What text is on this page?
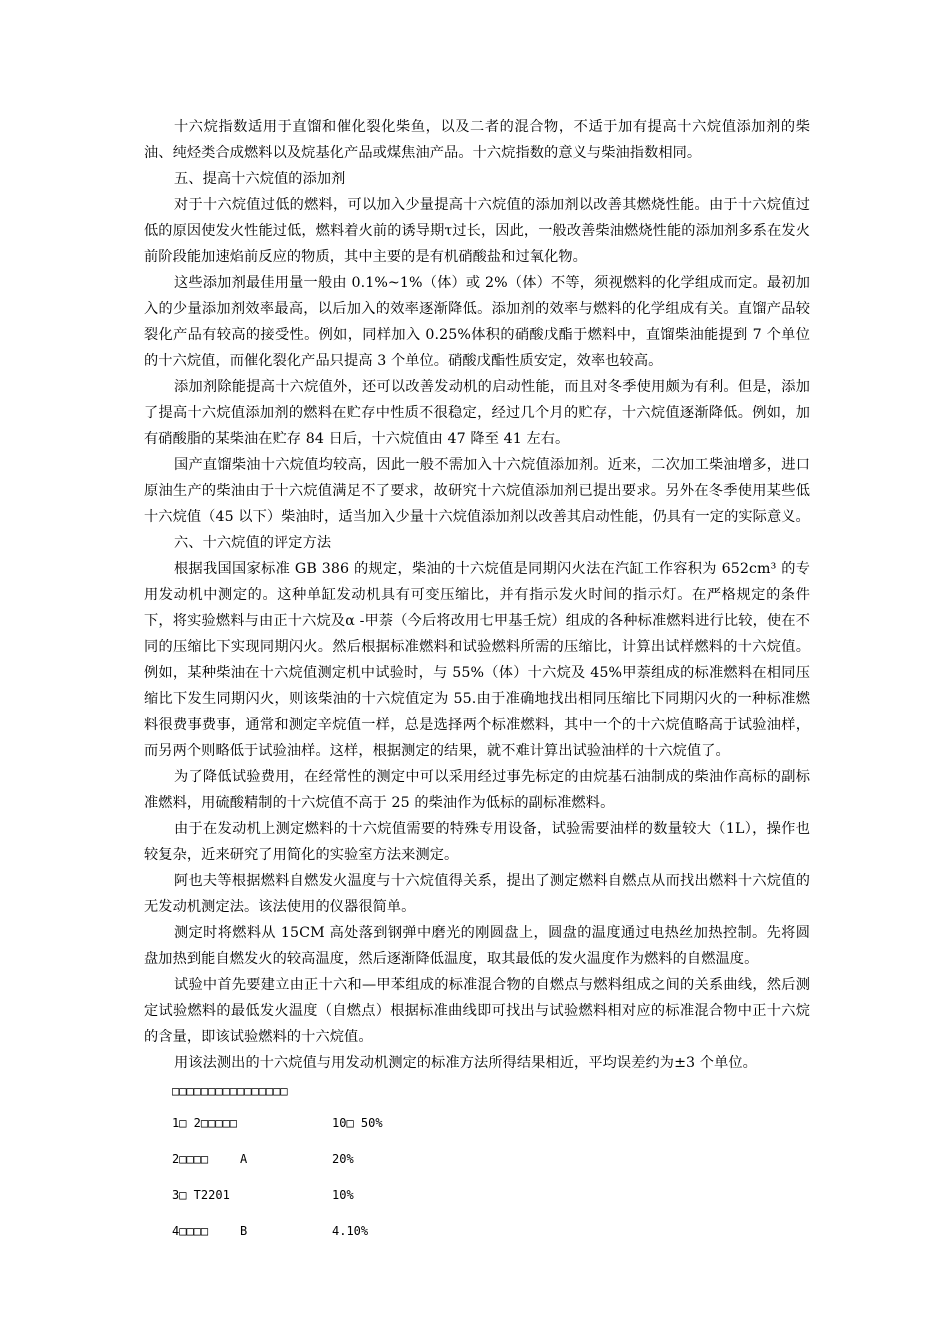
十六烷指数适用于直馏和催化裂化柴鱼，以及二者的混合物，不适于加有提高十六烷值添加剂的柴油、纯烃类合成燃料以及烷基化产品或煤焦油产品。十六烷指数的意义与柴油指数相同。

五、提高十六烷值的添加剂

对于十六烷值过低的燃料，可以加入少量提高十六烷值的添加剂以改善其燃烧性能。由于十六烷值过低的原因使发火性能过低，燃料着火前的诱导期τ过长，因此，一般改善柴油燃烧性能的添加剂多系在发火前阶段能加速焰前反应的物质，其中主要的是有机硝酸盐和过氧化物。

这些添加剂最佳用量一般由 0.1%~1%（体）或 2%（体）不等，须视燃料的化学组成而定。最初加入的少量添加剂效率最高，以后加入的效率逐渐降低。添加剂的效率与燃料的化学组成有关。直馏产品较裂化产品有较高的接受性。例如，同样加入 0.25%体积的硝酸戊酯于燃料中，直馏柴油能提到 7 个单位的十六烷值，而催化裂化产品只提高 3 个单位。硝酸戊酯性质安定，效率也较高。

添加剂除能提高十六烷值外，还可以改善发动机的启动性能，而且对冬季使用颇为有利。但是，添加了提高十六烷值添加剂的燃料在贮存中性质不很稳定，经过几个月的贮存，十六烷值逐渐降低。例如，加有硝酸脂的某柴油在贮存 84 日后，十六烷值由 47 降至 41 左右。

国产直馏柴油十六烷值均较高，因此一般不需加入十六烷值添加剂。近来，二次加工柴油增多，进口原油生产的柴油由于十六烷值满足不了要求，故研究十六烷值添加剂已提出要求。另外在冬季使用某些低十六烷值（45 以下）柴油时，适当加入少量十六烷值添加剂以改善其启动性能，仍具有一定的实际意义。

六、十六烷值的评定方法

根据我国国家标准 GB 386 的规定，柴油的十六烷值是同期闪火法在汽缸工作容积为 652cm³ 的专用发动机中测定的。这种单缸发动机具有可变压缩比，并有指示发火时间的指示灯。在严格规定的条件下，将实验燃料与由正十六烷及α -甲萘（今后将改用七甲基壬烷）组成的各种标准燃料进行比较，使在不同的压缩比下实现同期闪火。然后根据标准燃料和试验燃料所需的压缩比，计算出试样燃料的十六烷值。例如，某种柴油在十六烷值测定机中试验时，与 55%（体）十六烷及 45%甲萘组成的标准燃料在相同压缩比下发生同期闪火，则该柴油的十六烷值定为 55.由于准确地找出相同压缩比下同期闪火的一种标准燃料很费事费事，通常和测定辛烷值一样，总是选择两个标准燃料，其中一个的十六烷值略高于试验油样，而另两个则略低于试验油样。这样，根据测定的结果，就不难计算出试验油样的十六烷值了。

为了降低试验费用，在经常性的测定中可以采用经过事先标定的由烷基石油制成的柴油作高标的副标准燃料，用硫酸精制的十六烷值不高于 25 的柴油作为低标的副标准燃料。

由于在发动机上测定燃料的十六烷值需要的特殊专用设备，试验需要油样的数量较大（1L），操作也较复杂，近来研究了用简化的实验室方法来测定。

阿也夫等根据燃料自燃发火温度与十六烷值得关系，提出了测定燃料自燃点从而找出燃料十六烷值的无发动机测定法。该法使用的仪器很简单。

测定时将燃料从 15CM 高处落到钢弹中磨光的刚圆盘上，圆盘的温度通过电热丝加热控制。先将圆盘加热到能自燃发火的较高温度，然后逐渐降低温度，取其最低的发火温度作为燃料的自燃温度。

试验中首先要建立由正十六和—甲苯组成的标准混合物的自燃点与燃料组成之间的关系曲线，然后测定试验燃料的最低发火温度（自燃点）根据标准曲线即可找出与试验燃料相对应的标准混合物中正十六烷的含量，即该试验燃料的十六烷值。

用该法测出的十六烷值与用发动机测定的标准方法所得结果相近，平均误差约为±3 个单位。

□□□□□□□□□□□□□□□□
1□ 2□□□□□	10□ 50%
2□□□□	A	20%
3□ T2201	10%
4□□□□	B	4.10%
